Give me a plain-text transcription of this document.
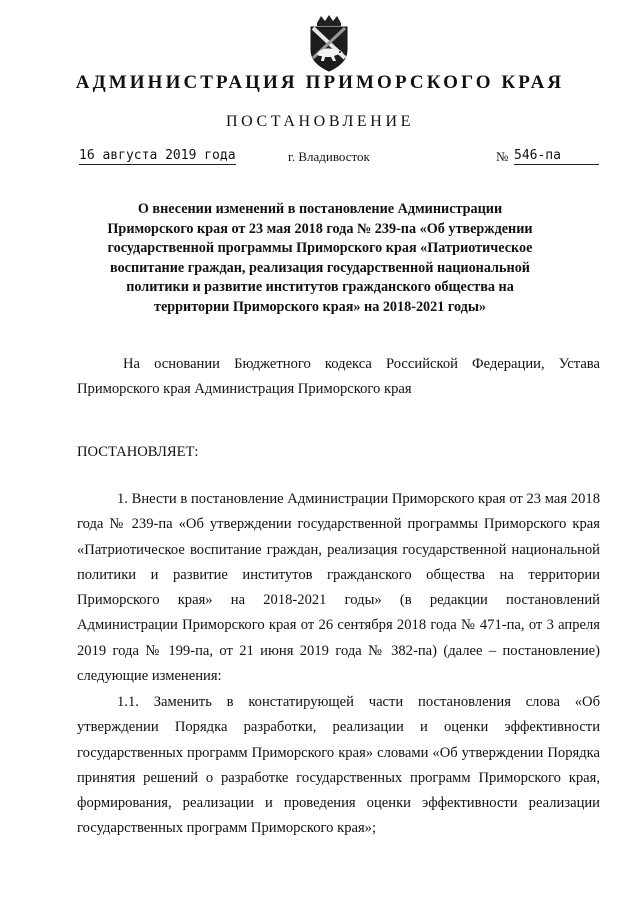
АДМИНИСТРАЦИЯ ПРИМОРСКОГО КРАЯ
ПОСТАНОВЛЕНИЕ
16 августа 2019 года	г. Владивосток	№ 546-па
О внесении изменений в постановление Администрации Приморского края от 23 мая 2018 года № 239-па «Об утверждении государственной программы Приморского края «Патриотическое воспитание граждан, реализация государственной национальной политики и развитие институтов гражданского общества на территории Приморского края» на 2018-2021 годы»
На основании Бюджетного кодекса Российской Федерации, Устава Приморского края Администрация Приморского края
ПОСТАНОВЛЯЕТ:
1. Внести в постановление Администрации Приморского края от 23 мая 2018 года № 239-па «Об утверждении государственной программы Приморского края «Патриотическое воспитание граждан, реализация государственной национальной политики и развитие институтов гражданского общества на территории Приморского края» на 2018-2021 годы» (в редакции постановлений Администрации Приморского края от 26 сентября 2018 года № 471-па, от 3 апреля 2019 года № 199-па, от 21 июня 2019 года № 382-па) (далее – постановление) следующие изменения:
1.1. Заменить в констатирующей части постановления слова «Об утверждении Порядка разработки, реализации и оценки эффективности государственных программ Приморского края» словами «Об утверждении Порядка принятия решений о разработке государственных программ Приморского края, формирования, реализации и проведения оценки эффективности реализации государственных программ Приморского края»;
